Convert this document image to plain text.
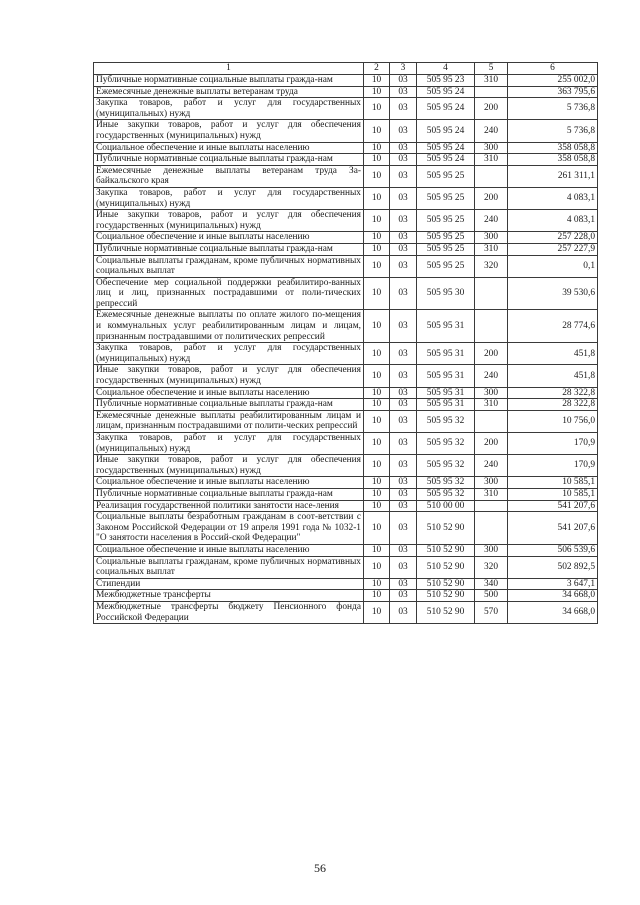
1	2	3	4	5	6
Публичные нормативные социальные выплаты гражда-нам	10	03	505 95 23	310	255 002,0
Ежемесячные денежные выплаты ветеранам труда	10	03	505 95 24		363 795,6
Закупка товаров, работ и услуг для государственных (муниципальных) нужд	10	03	505 95 24	200	5 736,8
Иные закупки товаров, работ и услуг для обеспечения государственных (муниципальных) нужд	10	03	505 95 24	240	5 736,8
Социальное обеспечение и иные выплаты населению	10	03	505 95 24	300	358 058,8
Публичные нормативные социальные выплаты гражда-нам	10	03	505 95 24	310	358 058,8
Ежемесячные денежные выплаты ветеранам труда За-байкальского края	10	03	505 95 25		261 311,1
Закупка товаров, работ и услуг для государственных (муниципальных) нужд	10	03	505 95 25	200	4 083,1
Иные закупки товаров, работ и услуг для обеспечения государственных (муниципальных) нужд	10	03	505 95 25	240	4 083,1
Социальное обеспечение и иные выплаты населению	10	03	505 95 25	300	257 228,0
Публичные нормативные социальные выплаты гражда-нам	10	03	505 95 25	310	257 227,9
Социальные выплаты гражданам, кроме публичных нормативных социальных выплат	10	03	505 95 25	320	0,1
Обеспечение мер социальной поддержки реабилитиро-ванных лиц и лиц, признанных пострадавшими от поли-тических репрессий	10	03	505 95 30		39 530,6
Ежемесячные денежные выплаты по оплате жилого по-мещения и коммунальных услуг реабилитированным лицам и лицам, признанным пострадавшими от политических репрессий	10	03	505 95 31		28 774,6
Закупка товаров, работ и услуг для государственных (муниципальных) нужд	10	03	505 95 31	200	451,8
Иные закупки товаров, работ и услуг для обеспечения государственных (муниципальных) нужд	10	03	505 95 31	240	451,8
Социальное обеспечение и иные выплаты населению	10	03	505 95 31	300	28 322,8
Публичные нормативные социальные выплаты гражда-нам	10	03	505 95 31	310	28 322,8
Ежемесячные денежные выплаты реабилитированным лицам и лицам, признанным пострадавшими от полити-ческих репрессий	10	03	505 95 32		10 756,0
Закупка товаров, работ и услуг для государственных (муниципальных) нужд	10	03	505 95 32	200	170,9
Иные закупки товаров, работ и услуг для обеспечения государственных (муниципальных) нужд	10	03	505 95 32	240	170,9
Социальное обеспечение и иные выплаты населению	10	03	505 95 32	300	10 585,1
Публичные нормативные социальные выплаты гражда-нам	10	03	505 95 32	310	10 585,1
Реализация государственной политики занятости насе-ления	10	03	510 00 00		541 207,6
Социальные выплаты безработным гражданам в соот-ветствии с Законом Российской Федерации от 19 апреля 1991 года № 1032-1 "О занятости населения в Россий-ской Федерации"	10	03	510 52 90		541 207,6
Социальное обеспечение и иные выплаты населению	10	03	510 52 90	300	506 539,6
Социальные выплаты гражданам, кроме публичных нормативных социальных выплат	10	03	510 52 90	320	502 892,5
Стипендии	10	03	510 52 90	340	3 647,1
Межбюджетные трансферты	10	03	510 52 90	500	34 668,0
Межбюджетные трансферты бюджету Пенсионного фонда Российской Федерации	10	03	510 52 90	570	34 668,0
56
